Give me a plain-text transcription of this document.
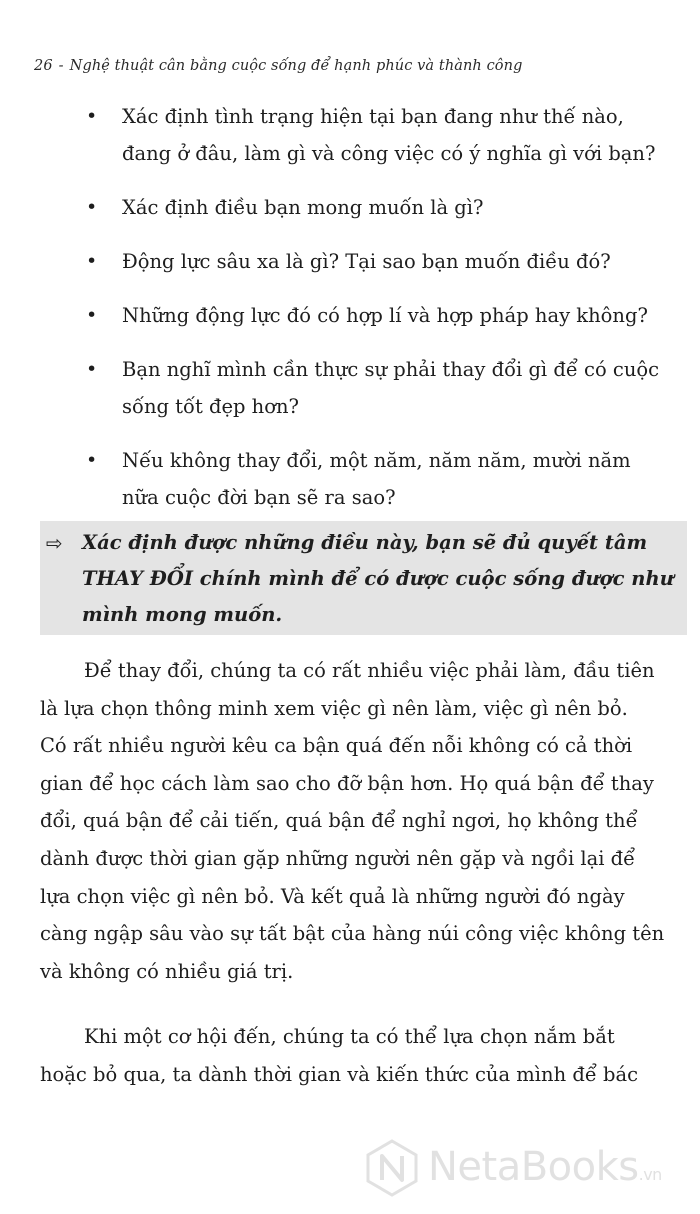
26 - Nghệ thuật cân bằng cuộc sống để hạnh phúc và thành công
• Xác định tình trạng hiện tại bạn đang như thế nào,
đang ở đâu, làm gì và công việc có ý nghĩa gì với bạn?
• Xác định điều bạn mong muốn là gì?
• Động lực sâu xa là gì? Tại sao bạn muốn điều đó?
• Những động lực đó có hợp lí và hợp pháp hay không?
• Bạn nghĩ mình cần thực sự phải thay đổi gì để có cuộc
sống tốt đẹp hơn?
• Nếu không thay đổi, một năm, năm năm, mười năm
nữa cuộc đời bạn sẽ ra sao?
⇨ Xác định được những điều này, bạn sẽ đủ quyết tâm
THAY ĐỔI chính mình để có được cuộc sống được như
mình mong muốn.
Để thay đổi, chúng ta có rất nhiều việc phải làm, đầu tiên
là lựa chọn thông minh xem việc gì nên làm, việc gì nên bỏ.
Có rất nhiều người kêu ca bận quá đến nỗi không có cả thời
gian để học cách làm sao cho đỡ bận hơn. Họ quá bận để thay
đổi, quá bận để cải tiến, quá bận để nghỉ ngơi, họ không thể
dành được thời gian gặp những người nên gặp và ngồi lại để
lựa chọn việc gì nên bỏ. Và kết quả là những người đó ngày
càng ngập sâu vào sự tất bật của hàng núi công việc không tên
và không có nhiều giá trị.
Khi một cơ hội đến, chúng ta có thể lựa chọn nắm bắt
hoặc bỏ qua, ta dành thời gian và kiến thức của mình để bác
NetaBooks.vn
